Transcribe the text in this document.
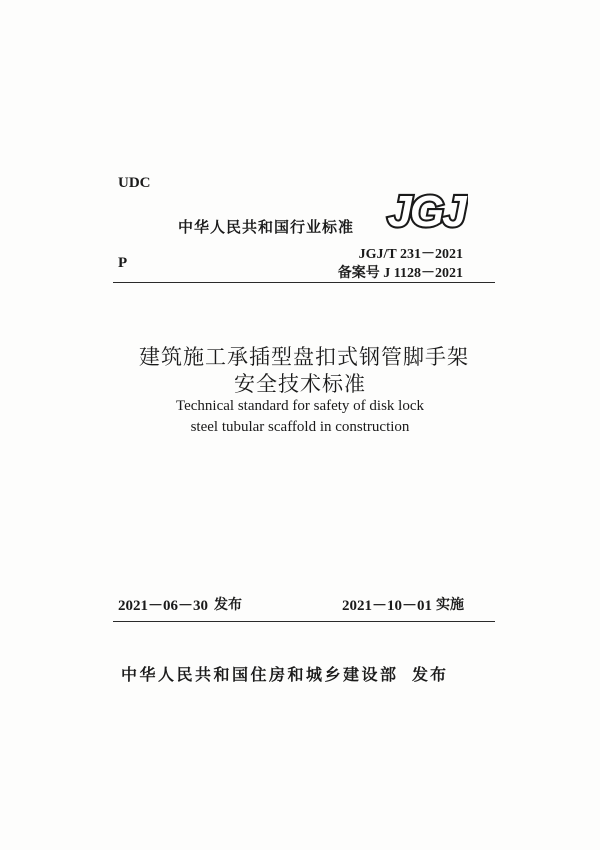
UDC
中华人民共和国行业标准 JGJ
JGJ/T 231－2021
备案号 J 1128－2021
P
建筑施工承插型盘扣式钢管脚手架
安全技术标准
Technical standard for safety of disk lock
steel tubular scaffold in construction
2021－06－30 发布	2021－10－01 实施
中华人民共和国住房和城乡建设部 发布
